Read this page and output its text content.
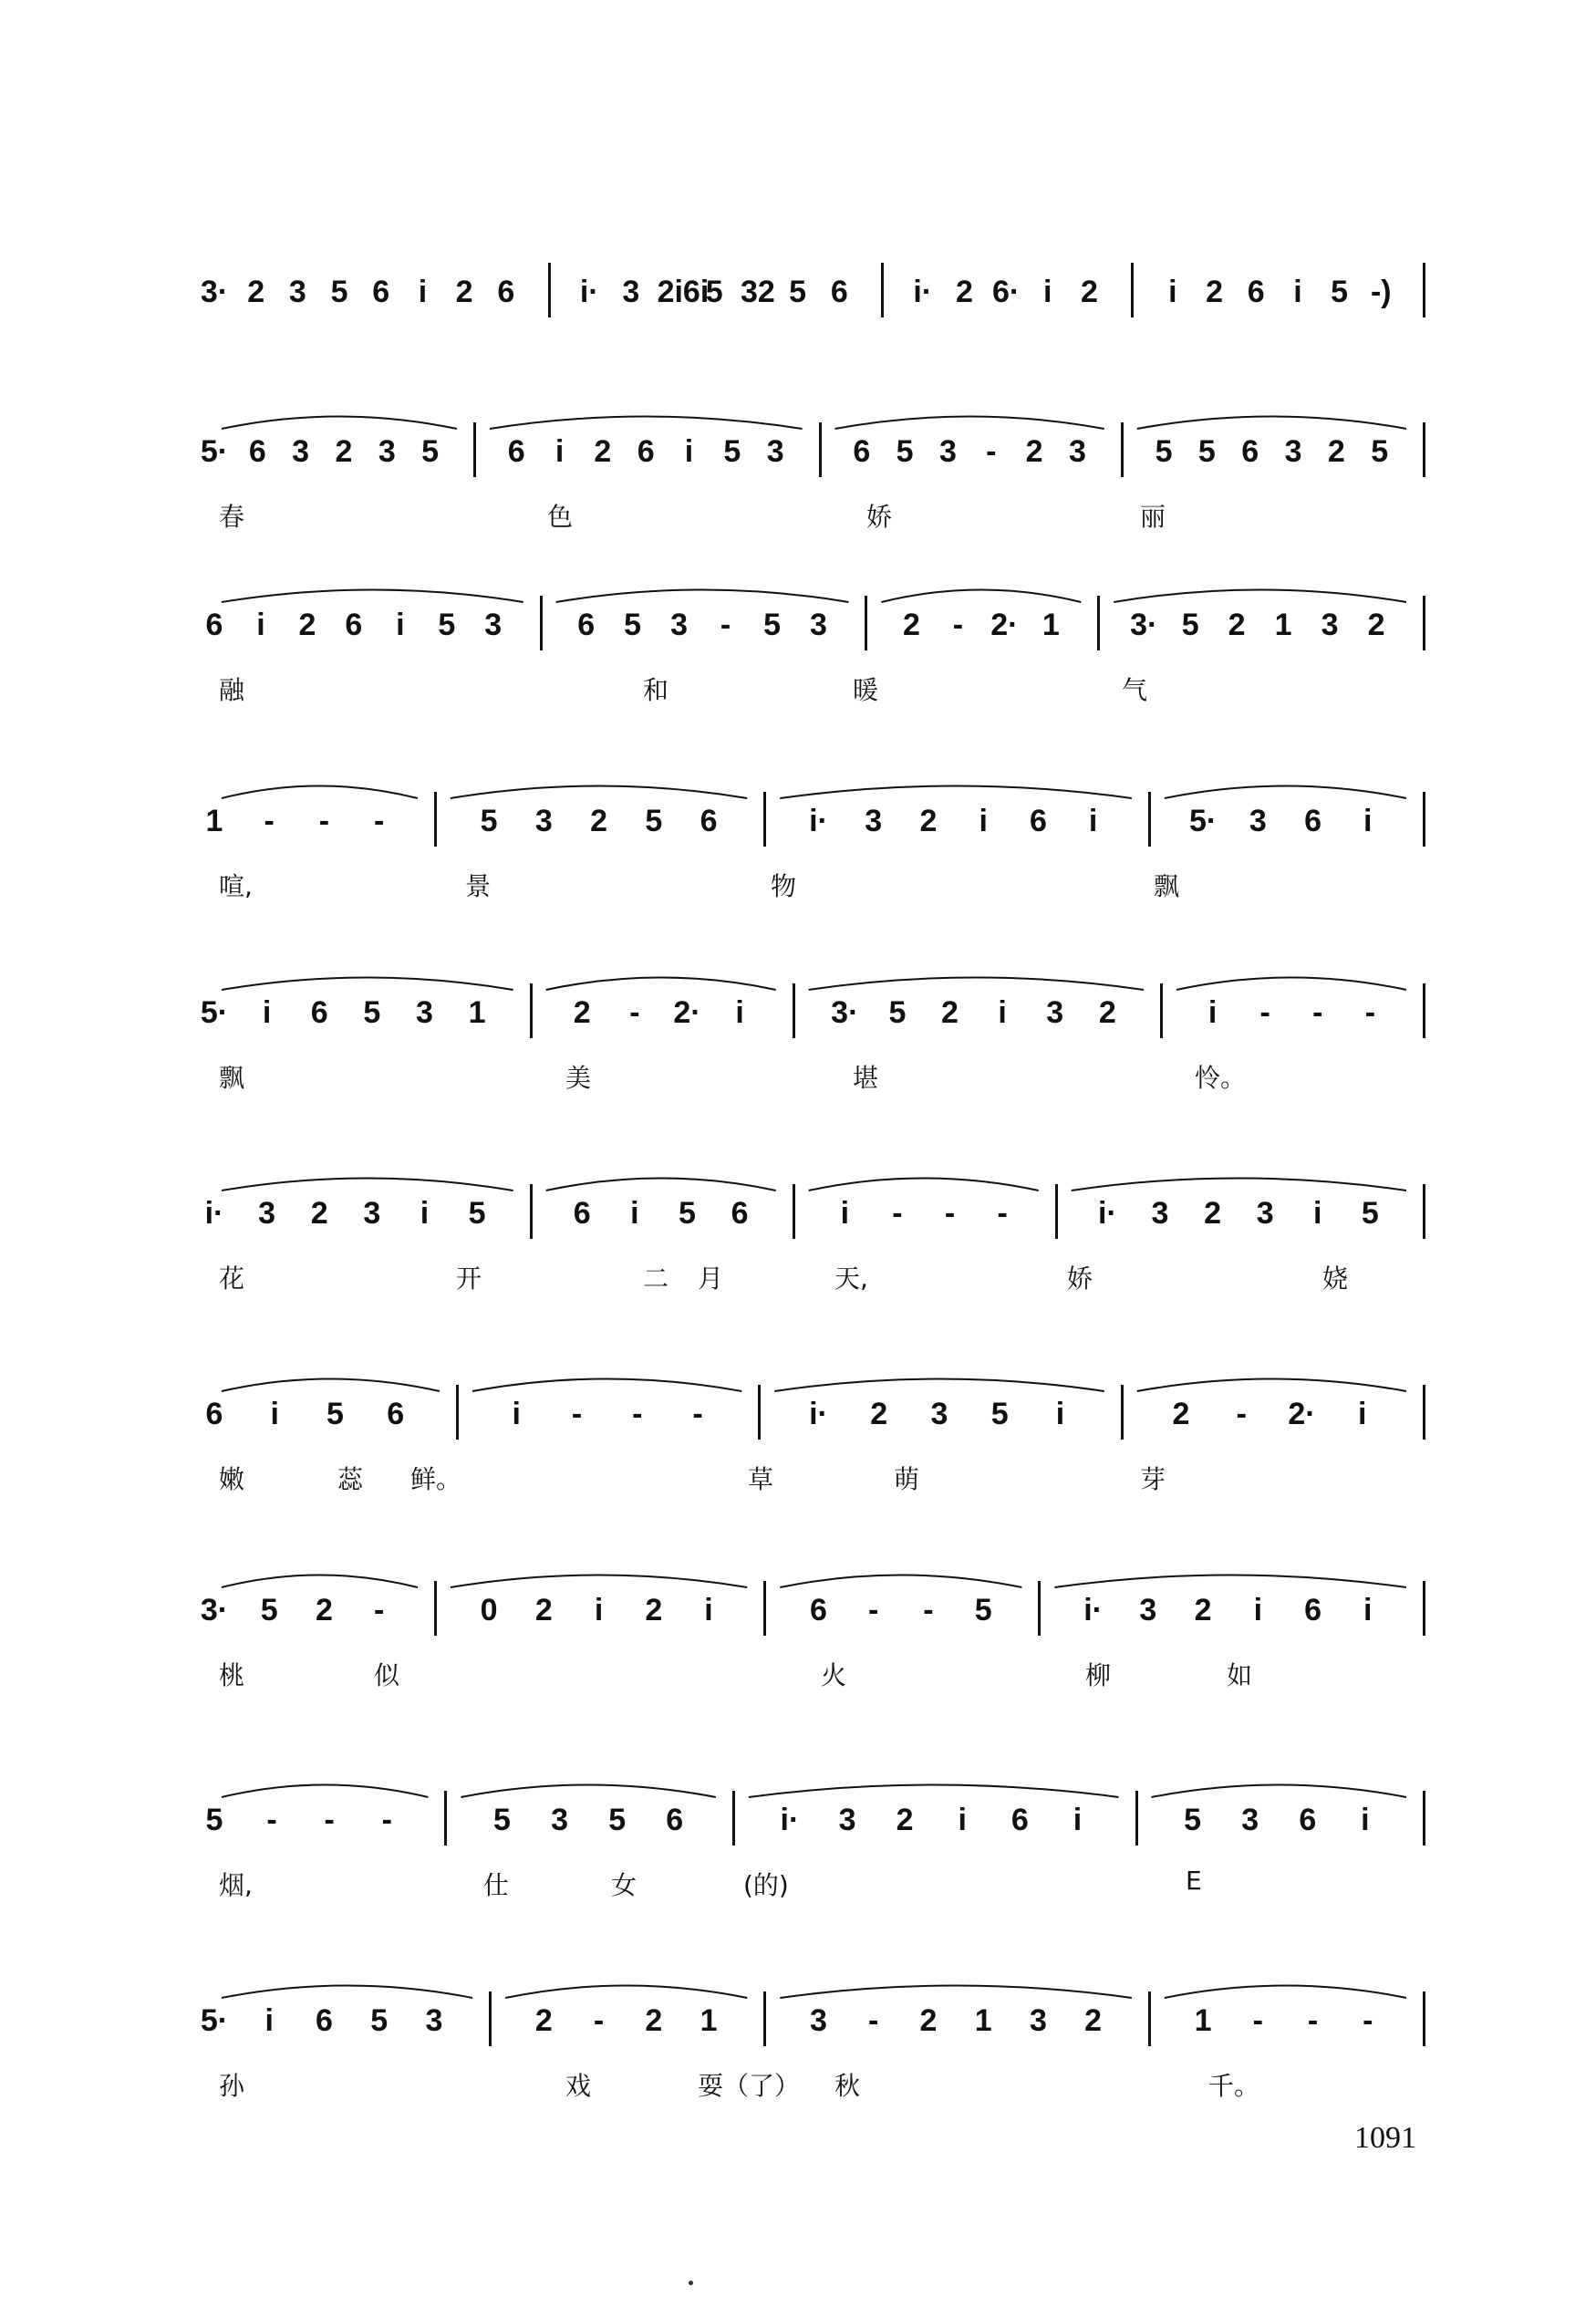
3· 2 3 5 6 i 2 6 i· 3 2i6i
5 32 5 6 i· 2 6· i 2	i 2 6 i 5 -)
5· 6 3 2 3 5 6 i 2 6 i 5 3 6 5 3 - 2 3 5 5 6 3 2 5
春	色	娇	丽
6	i	2 6	i	5 3 6 5 3	-	5 3 2	- 2· 1 3· 5 2 1 3 2
融	和	暖	气
1	-	-	-	5 3 2 5 6	i· 3 2	i	6	i	5· 3 6	i
喧,	景	物	飘
5·	i	6 5 3 1	2	-	2·	i	3· 5 2	i	3 2	i	-	-	-
飘	美	堪	怜。
i· 3 2 3	i	5	6	i	5 6	i	-	-	-	i· 3 2 3	i	5
花	开	二 月	天,	娇	娆
6	i	5 6	i	-	-	-	i· 2 3 5	i	2	-	2·	i
嫩	蕊 鲜。	草	萌	芽
3· 5 2	-	0 2	i	2	i	6	-	-	5	i· 3 2	i	6	i
桃	似	火	柳	如
5	-	-	-	5 3 5 6	i· 3 2	i	6	i	5 3 6	i
烟,	仕	女	(的)	E
5·	i	6 5 3	2	-	2 1	3	-	2 1 3 2	1	-	-	-
孙	戏	耍（了） 秋	千。
1091
